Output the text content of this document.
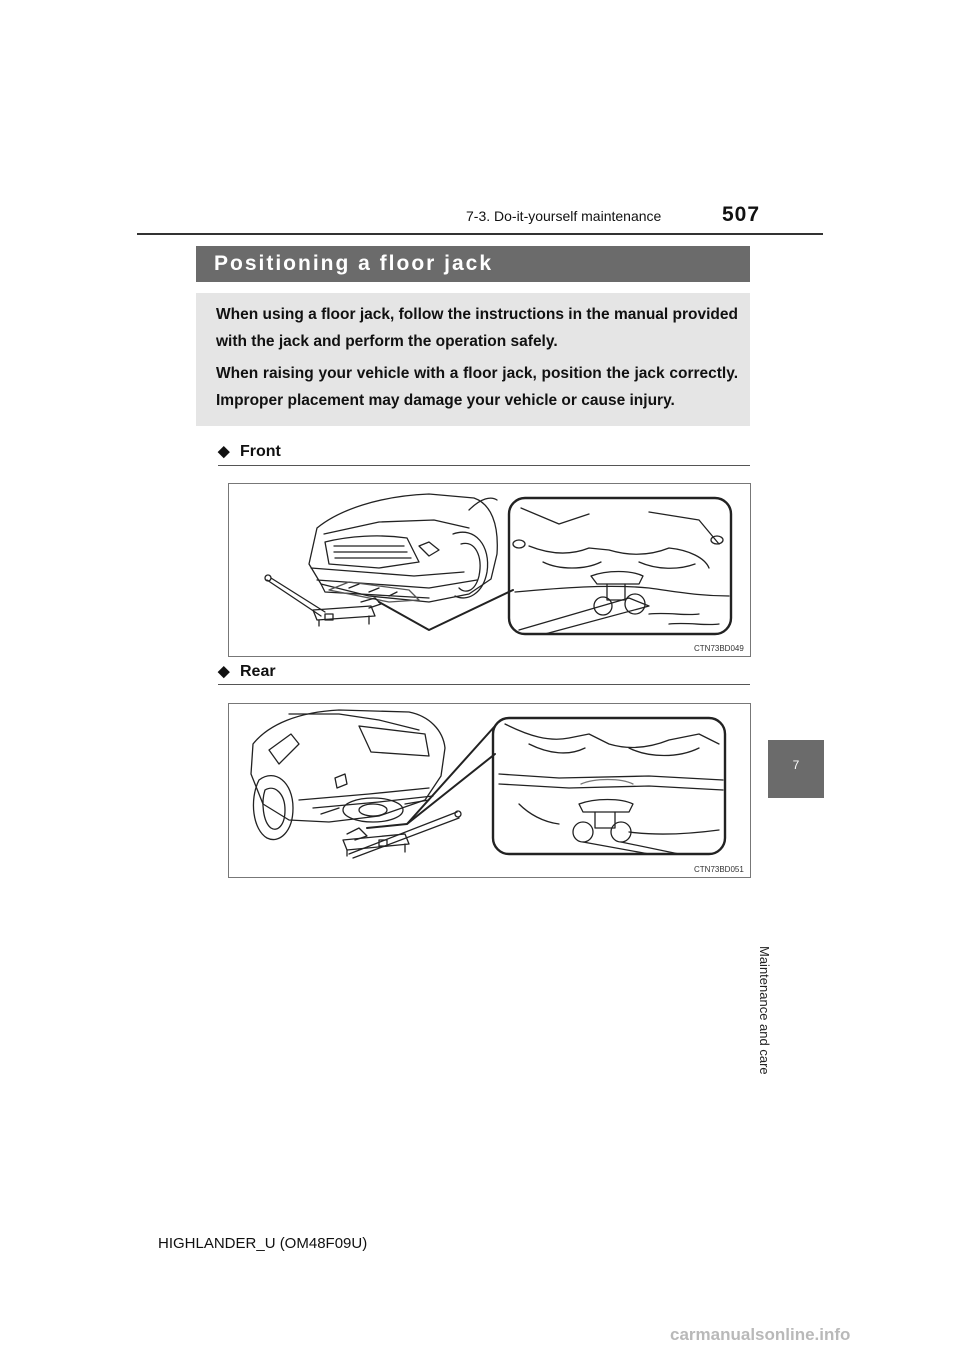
7-3. Do-it-yourself maintenance	507
Positioning a floor jack

When using a floor jack, follow the instructions in the manual provided with the jack and perform the operation safely.

When raising your vehicle with a floor jack, position the jack correctly. Improper placement may damage your vehicle or cause injury.

◆ Front
CTN73BD049
◆ Rear
CTN73BD051
7
Maintenance and care
HIGHLANDER_U (OM48F09U)
carmanualsonline.info
